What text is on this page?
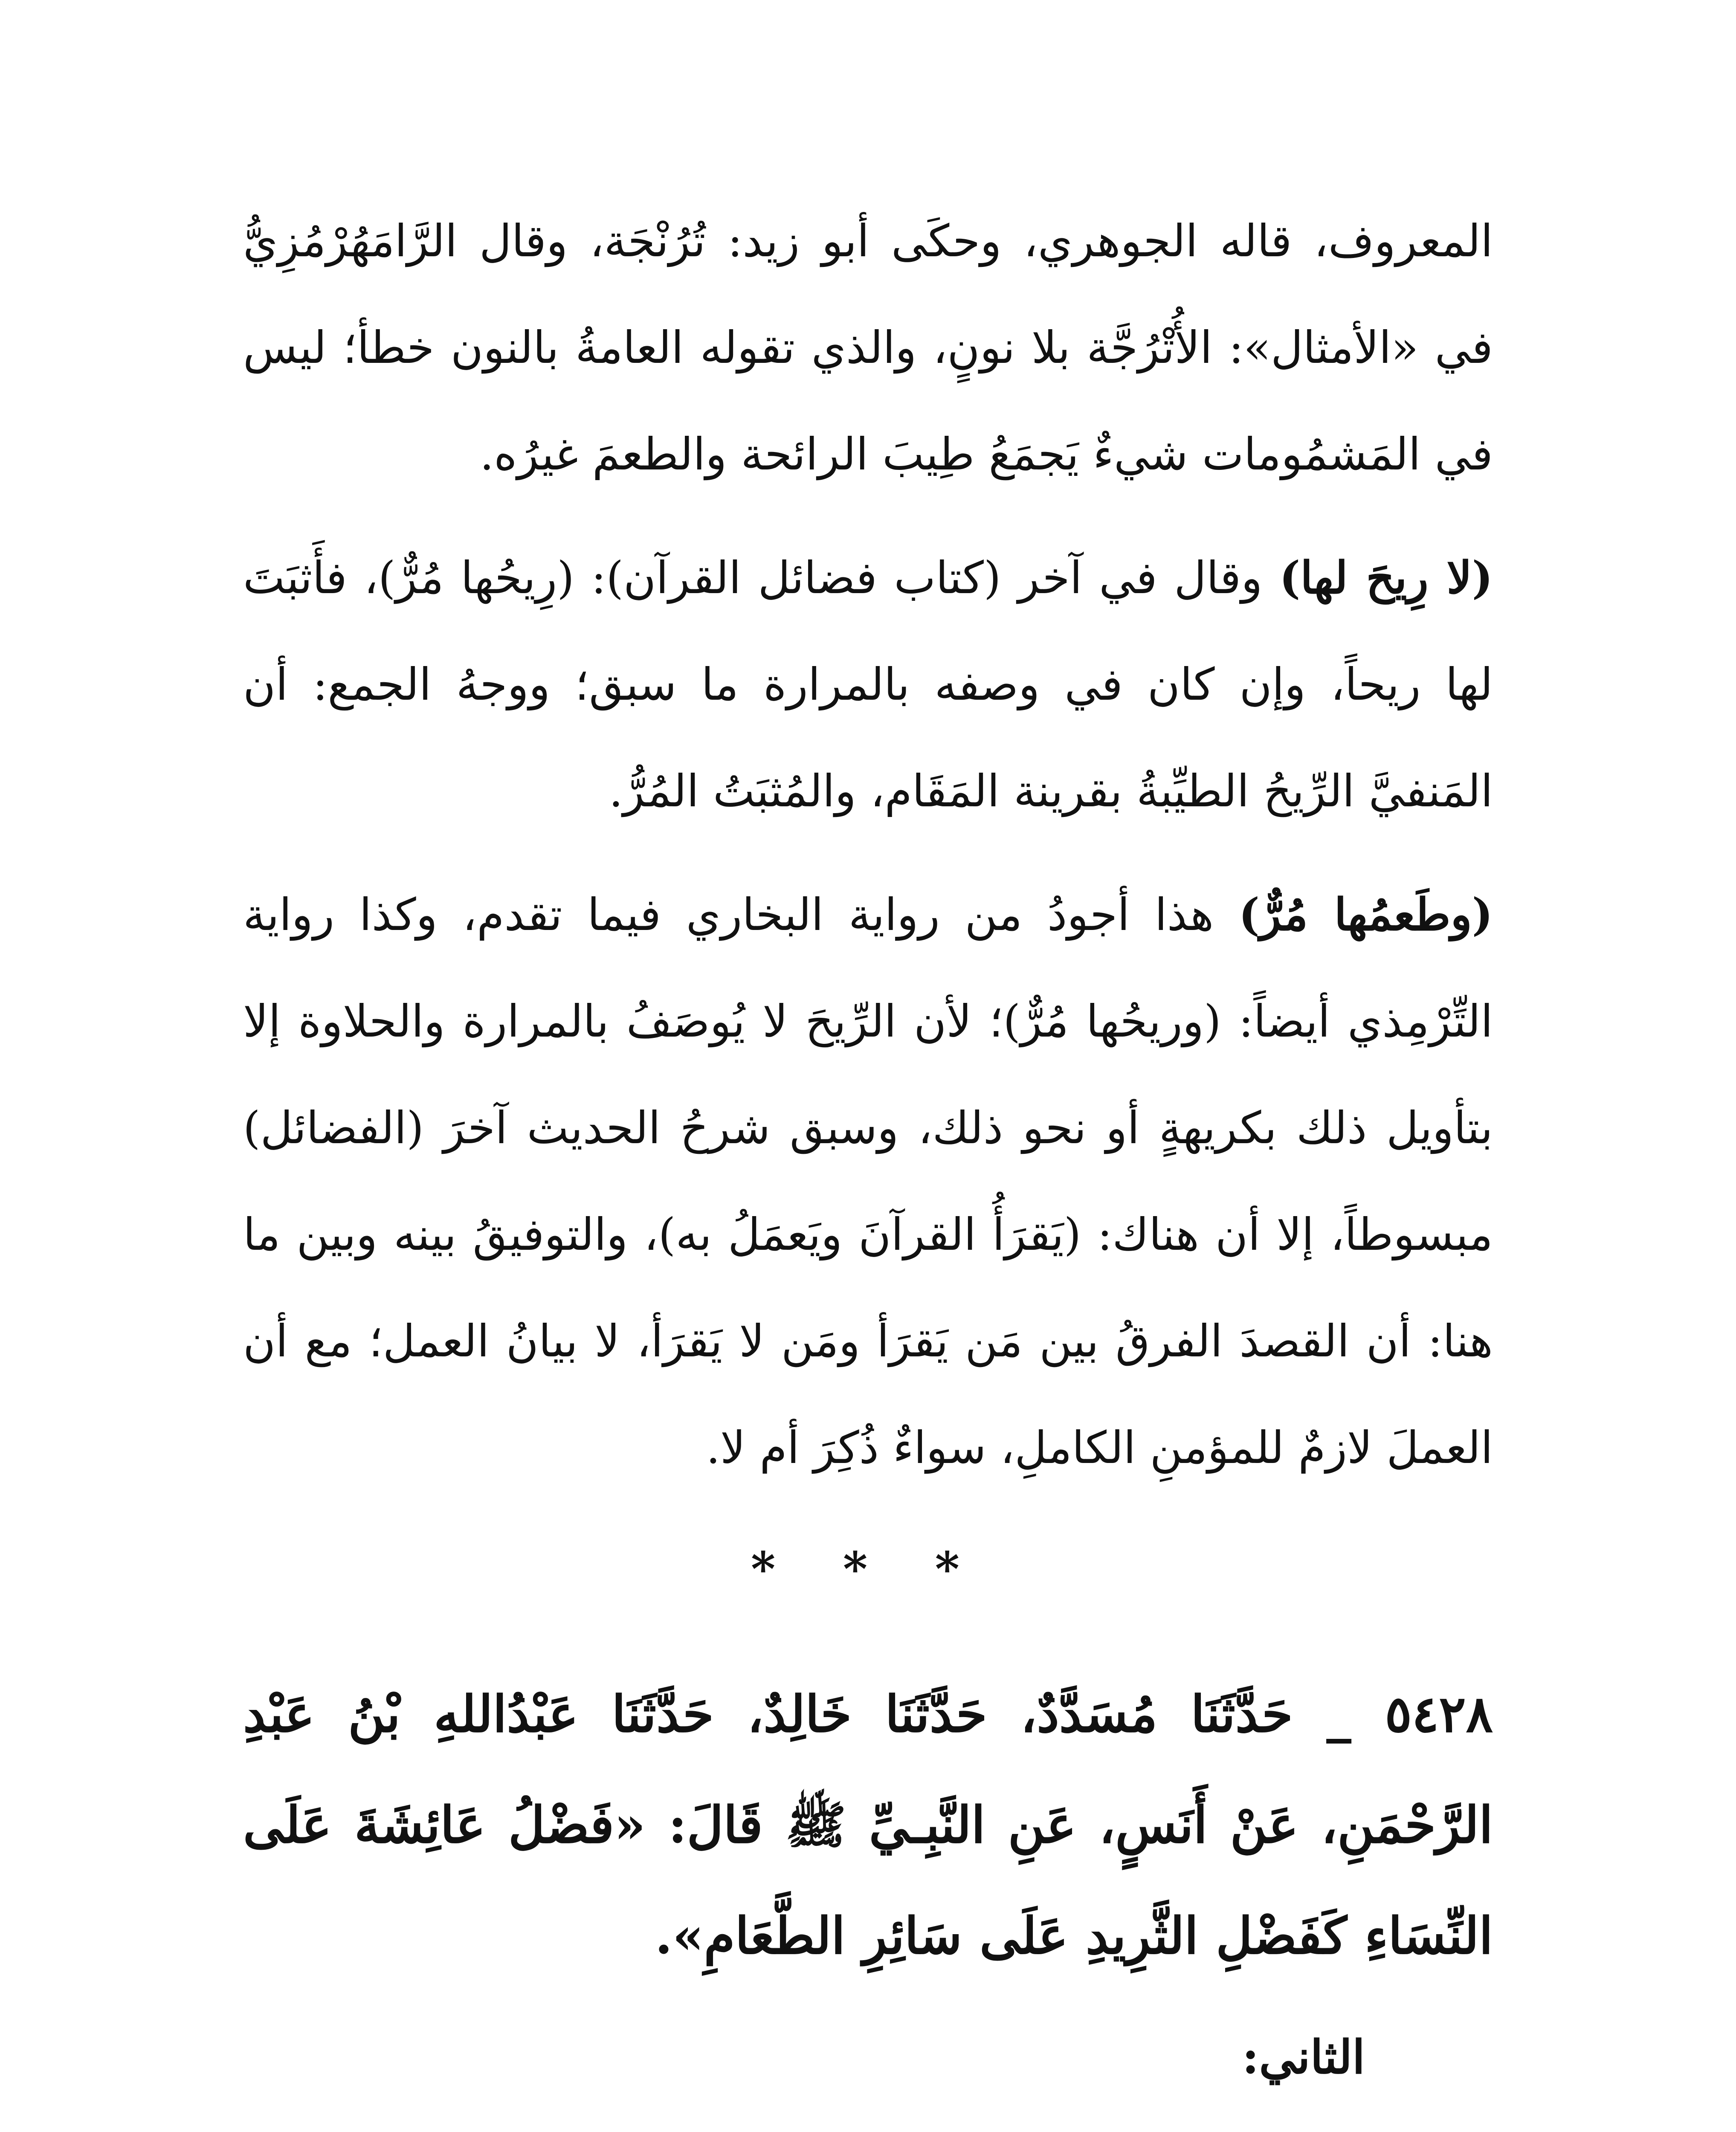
المعروف، قاله الجوهري، وحكَى أبو زيد: تُرُنْجَة، وقال الرَّامَهُرْمُزِيُّ في «الأمثال»: الأُتْرُجَّة بلا نونٍ، والذي تقوله العامةُ بالنون خطأ؛ ليس في المَشمُومات شيءٌ يَجمَعُ طِيبَ الرائحة والطعمَ غيرُه.

(لا رِيحَ لها) وقال في آخر (كتاب فضائل القرآن): (رِيحُها مُرٌّ)، فأَثبَتَ لها ريحاً، وإن كان في وصفه بالمرارة ما سبق؛ ووجهُ الجمع: أن المَنفيَّ الرِّيحُ الطيِّبةُ بقرينة المَقَام، والمُثبَتُ المُرُّ.

(وطَعمُها مُرٌّ) هذا أجودُ من رواية البخاري فيما تقدم، وكذا رواية التِّرْمِذي أيضاً: (وريحُها مُرٌّ)؛ لأن الرِّيحَ لا يُوصَفُ بالمرارة والحلاوة إلا بتأويل ذلك بكريهةٍ أو نحو ذلك، وسبق شرحُ الحديث آخرَ (الفضائل) مبسوطاً، إلا أن هناك: (يَقرَأُ القرآنَ ويَعمَلُ به)، والتوفيقُ بينه وبين ما هنا: أن القصدَ الفرقُ بين مَن يَقرَأ ومَن لا يَقرَأ، لا بيانُ العمل؛ مع أن العملَ لازمٌ للمؤمنِ الكاملِ، سواءٌ ذُكِرَ أم لا.

* * *

٥٤٢٨ _ حَدَّثَنَا مُسَدَّدٌ، حَدَّثَنَا خَالِدٌ، حَدَّثَنَا عَبْدُاللهِ بْنُ عَبْدِ الرَّحْمَنِ، عَنْ أَنَسٍ، عَنِ النَّبِـيِّ ﷺ قَالَ: «فَضْلُ عَائِشَةَ عَلَى النِّسَاءِ كَفَضْلِ الثَّرِيدِ عَلَى سَائِرِ الطَّعَامِ».

الثاني:
